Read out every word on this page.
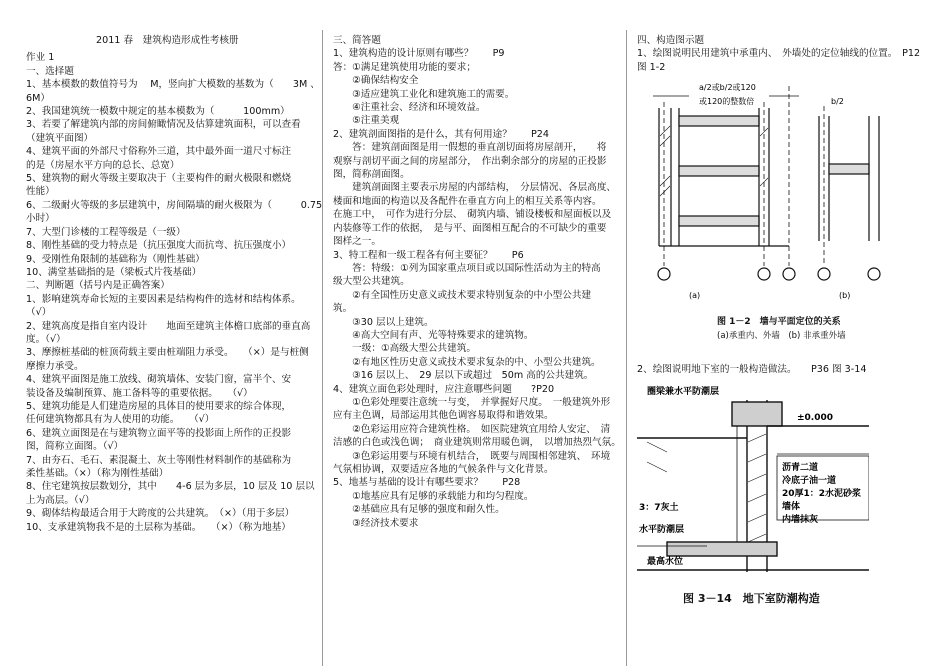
2011 春　建筑构造形成性考核册
作业 1
一、选择题
1、基本模数的数值符号为　 M，竖向扩大模数的基数为（　　3M 、
6M）
2、我国建筑统一模数中规定的基本模数为（　　　100mm）
3、若要了解建筑内部的房间俯瞰情况及估算建筑面积，可以查看
（建筑平面图）
4、建筑平面的外部尺寸俗称外三道，其中最外面一道尺寸标注
的是（房屋水平方向的总长、总宽）
5、建筑物的耐火等级主要取决于（主要构件的耐火极限和燃烧
性能）
6、二级耐火等级的多层建筑中，房间隔墙的耐火极限为（　　　0.75
小时）
7、大型门诊楼的工程等级是（一级）
8、刚性基础的受力特点是（抗压强度大而抗弯、抗压强度小）
9、受刚性角限制的基础称为（刚性基础）
10、满堂基础指的是（梁板式片筏基础）
二、判断题（括号内是正确答案）
1、影响建筑寿命长短的主要因素是结构构件的选材和结构体系。
（√）
2、建筑高度是指自室内设计　　地面至建筑主体檐口底部的垂直高
度。（√）
3、摩擦桩基础的桩顶荷载主要由桩端阻力承受。　　（×）是与桩侧
摩擦力承受。
4、建筑平面图是施工放线、砌筑墙体、安装门窗，富半个、安
装设备及编制预算、施工备料等的重要依据。　　（√）
5、建筑功能是人们建造房屋的具体目的使用要求的综合体现，
任何建筑物都具有为人使用的功能。　　（√）
6、建筑立面图是在与建筑物立面平等的投影面上所作的正投影
图，简称立面图。（√）
7、由夯石、毛石、素混凝土、灰土等刚性材料制作的基础称为
柔性基础。（×）（称为刚性基础）
8、住宅建筑按层数划分，其中　　4-6 层为多层，10 层及 10 层以
上为高层。（√）
9、砌体结构最适合用于大跨度的公共建筑。　（×）（用于多层）
10、支承建筑物我不是的土层称为基础。　　（×）（称为地基）
三、简答题
1、建筑构造的设计原则有哪些？　　P9
答：①满足建筑使用功能的要求；
　　②确保结构安全
　　③适应建筑工业化和建筑施工的需要。
　　④注重社会、经济和环境效益。
　　⑤注重美观
2、建筑剖面图指的是什么，其有何用途？　　P24
　　答：建筑剖面图是用一假想的垂直剖切面将房屋剖开，　　将
观察与剖切平面之间的房屋部分，　作出剩余部分的房屋的正投影
图，简称剖面图。
　　建筑剖面图主要表示房屋的内部结构，　分层情况、各层高度、
楼面和地面的构造以及各配件在垂直方向上的相互关系等内容。
在施工中，　可作为进行分层、　砌筑内墙、铺设楼板和屋面板以及
内装修等工作的依据，　是与平、面图相互配合的不可缺少的重要
图样之一。
3、特工程和一级工程各有何主要征？　　P6
　　答：特级：①列为国家重点项目或以国际性活动为主的特高
级大型公共建筑。
　　②有全国性历史意义或技术要求特别复杂的中小型公共建
筑。
　　③30 层以上建筑。
　　④高大空间有声、光等特殊要求的建筑物。
　　一级：①高级大型公共建筑。
　　②有地区性历史意义或技术要求复杂的中、小型公共建筑。
　　③16 层以上、　29 层以下或超过　50m 高的公共建筑。
4、建筑立面色彩处理时，应注意哪些问题　　?P20
　　①色彩处理要注意统一与变，　并掌握好尺度。　一般建筑外形
应有主色调，局部运用其他色调容易取得和谐效果。
　　②色彩运用应符合建筑性格。　如医院建筑宜用给人安定、　清
洁感的白色或浅色调；　商业建筑则常用暖色调，　以增加热烈气氛。
　　③色彩运用要与环境有机结合，　既要与周围相邻建筑、　环境
气氛相协调，双要适应各地的气候条件与文化背景。
5、地基与基础的设计有哪些要求？　　P28
　　①地基应具有足够的承载能力和均匀程度。
　　②基础应具有足够的强度和耐久性。
　　③经济技术要求
四、构造图示题
1、绘图说明民用建筑中承重内、　外墙处的定位轴线的位置。　P12
图 1-2
a/2或b/2或120
或120的整数倍	b/2
(a)	(b)
图 1－2　墙与平面定位的关系
(a)承重内、外墙　(b) 非承重外墙
2、绘图说明地下室的一般构造做法。　　P36 图 3-14
圈梁兼水平防潮层
±0.000
沥青二道
冷底子油一道
20厚1：2水泥砂浆
墙体
内墙抹灰
3：7灰土
水平防潮层
最高水位
图 3－14　地下室防潮构造
